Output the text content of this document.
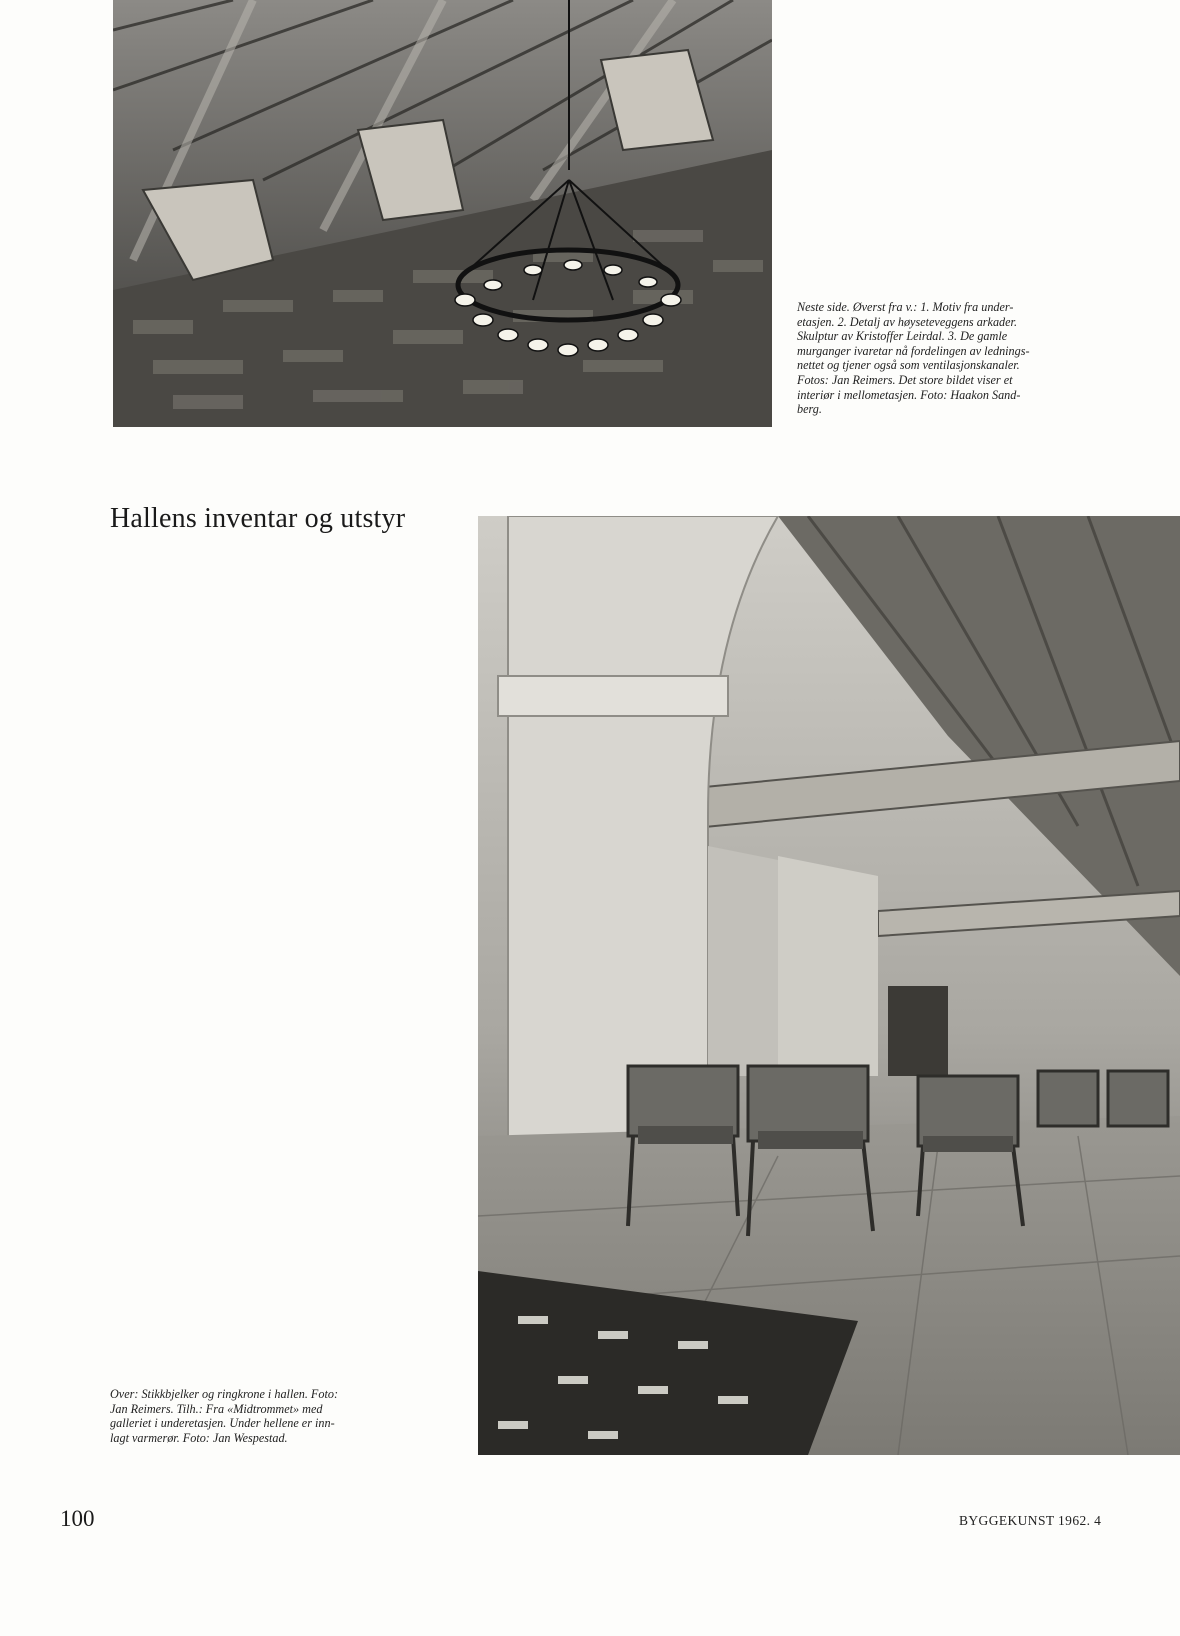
Neste side. Øverst fra v.: 1. Motiv fra under-
etasjen. 2. Detalj av høyseteveggens arkader.
Skulptur av Kristoffer Leirdal. 3. De gamle
murganger ivaretar nå fordelingen av lednings-
nettet og tjener også som ventilasjonskanaler.
Fotos: Jan Reimers. Det store bildet viser et
interiør i mellometasjen. Foto: Haakon Sand-
berg.
Hallens inventar og utstyr
Over: Stikkbjelker og ringkrone i hallen. Foto:
Jan Reimers. Tilh.: Fra «Midtrommet» med
galleriet i underetasjen. Under hellene er inn-
lagt varmerør. Foto: Jan Wespestad.
100	BYGGEKUNST 1962. 4
